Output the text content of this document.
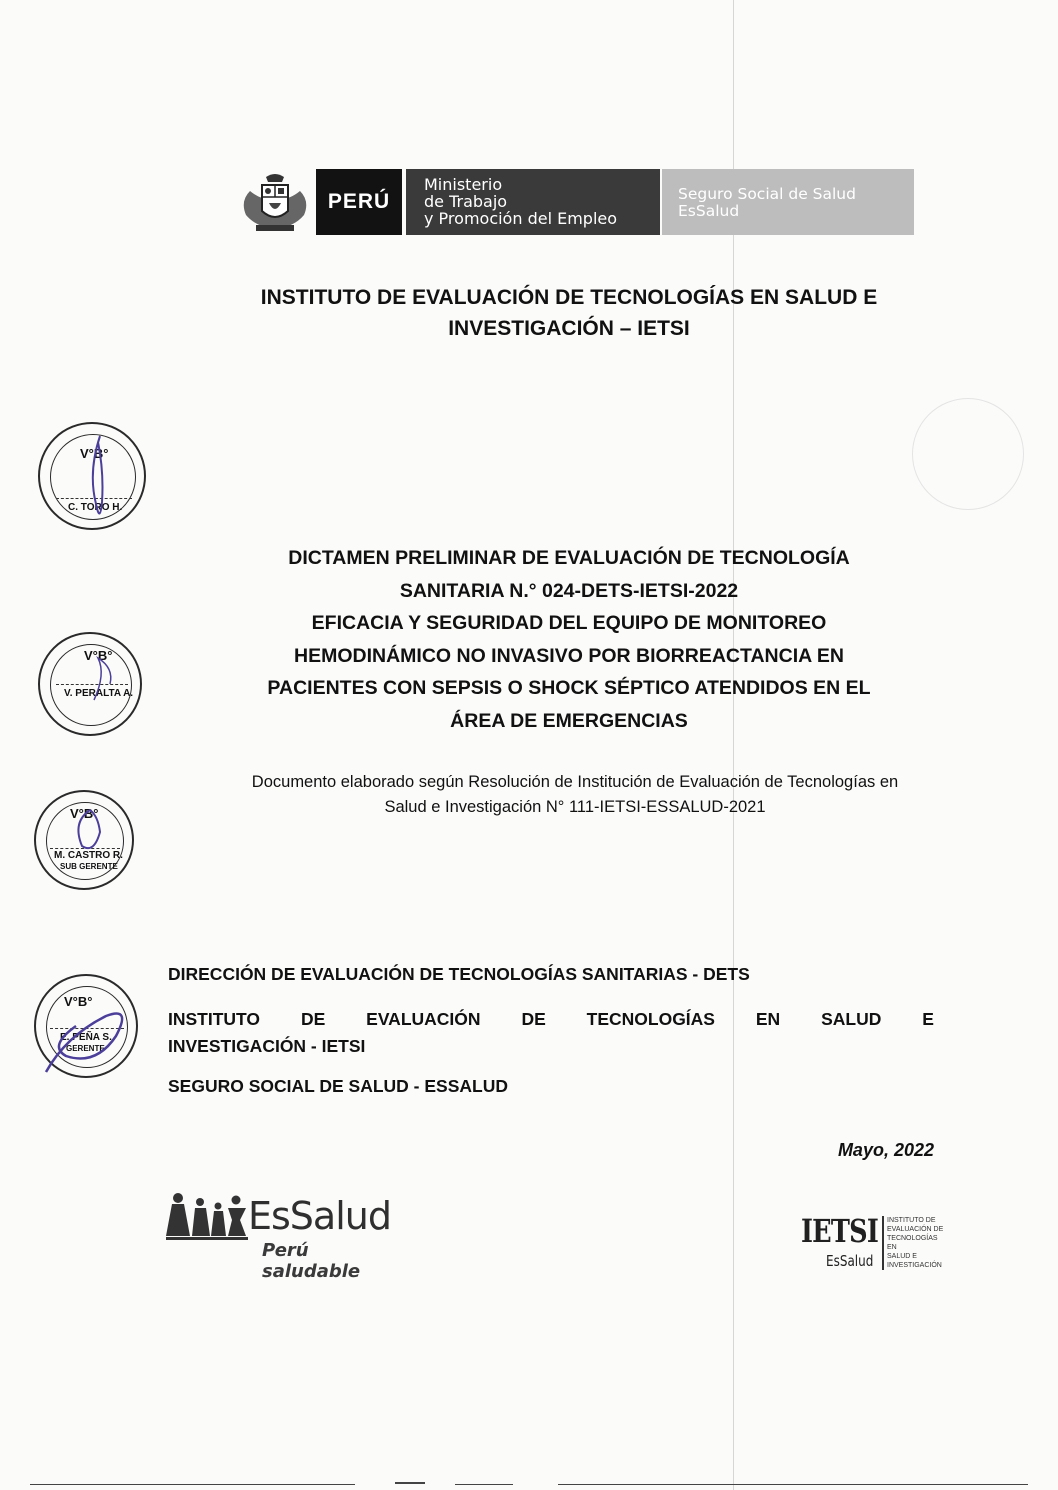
PERÚ
Ministerio
de Trabajo
y Promoción del Empleo
Seguro Social de Salud
EsSalud
INSTITUTO DE EVALUACIÓN DE TECNOLOGÍAS EN SALUD E
INVESTIGACIÓN – IETSI
V°B°
C. TORO H.
V°B°
V. PERALTA A.
V°B°
M. CASTRO R.
SUB GERENTE
V°B°
E. PEÑA S.
GERENTE
DICTAMEN PRELIMINAR DE EVALUACIÓN DE TECNOLOGÍA
SANITARIA N.° 024-DETS-IETSI-2022
EFICACIA Y SEGURIDAD DEL EQUIPO DE MONITOREO
HEMODINÁMICO NO INVASIVO POR BIORREACTANCIA EN
PACIENTES CON SEPSIS O SHOCK SÉPTICO ATENDIDOS EN EL
ÁREA DE EMERGENCIAS
Documento elaborado según Resolución de Institución de Evaluación de Tecnologías en
Salud e Investigación N° 111-IETSI-ESSALUD-2021
DIRECCIÓN DE EVALUACIÓN DE TECNOLOGÍAS SANITARIAS - DETS
INSTITUTO DE EVALUACIÓN DE TECNOLOGÍAS EN SALUD E
INVESTIGACIÓN - IETSI
SEGURO SOCIAL DE SALUD - ESSALUD
Mayo, 2022
EsSalud
Perú saludable
IETSI
EsSalud
INSTITUTO DE
EVALUACIÓN DE
TECNOLOGÍAS EN
SALUD E
INVESTIGACIÓN
